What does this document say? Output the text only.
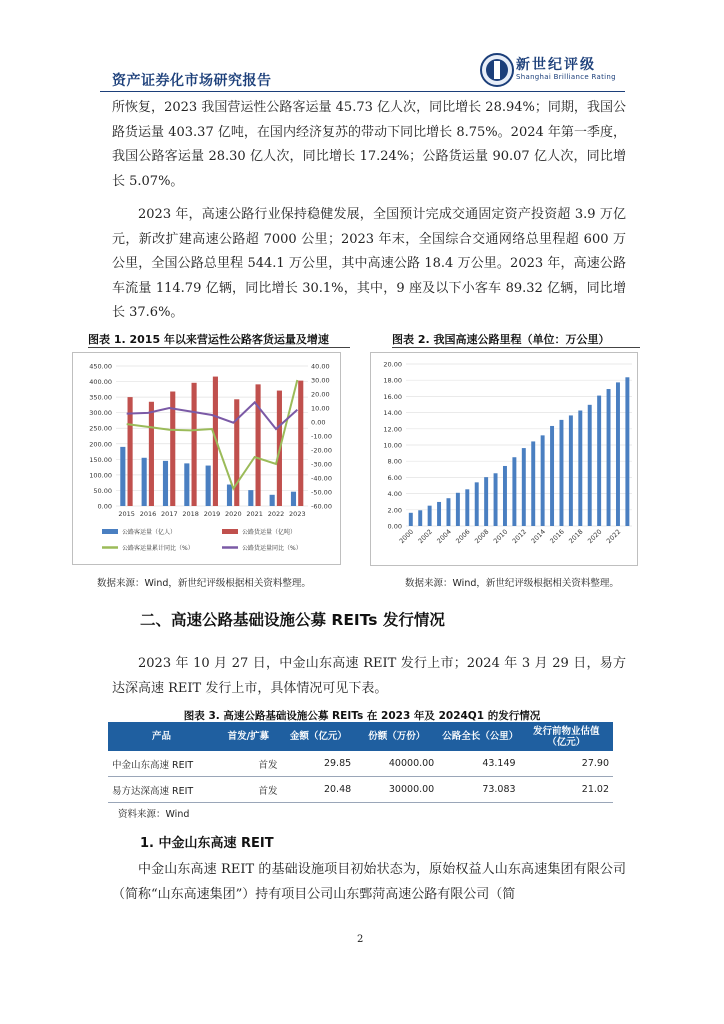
资产证券化市场研究报告
新世纪评级
Shanghai Brilliance Rating
所恢复，2023 我国营运性公路客运量 45.73 亿人次，同比增长 28.94%；同期，我国公路货运量 403.37 亿吨，在国内经济复苏的带动下同比增长 8.75%。2024 年第一季度，我国公路客运量 28.30 亿人次，同比增长 17.24%；公路货运量 90.07 亿人次，同比增长 5.07%。
2023 年，高速公路行业保持稳健发展，全国预计完成交通固定资产投资超 3.9 万亿元，新改扩建高速公路超 7000 公里；2023 年末，全国综合交通网络总里程超 600 万公里，全国公路总里程 544.1 万公里，其中高速公路 18.4 万公里。2023 年，高速公路车流量 114.79 亿辆，同比增长 30.1%，其中，9 座及以下小客车 89.32 亿辆，同比增长 37.6%。
图表 1. 2015 年以来营运性公路客货运量及增速
450.00
400.00
350.00
300.00
250.00
200.00
150.00
100.00
50.00
0.00
40.00
30.00
20.00
10.00
0.00
-10.00
-20.00
-30.00
-40.00
-50.00
-60.00
2015 2016 2017 2018 2019 2020 2021 2022 2023
公路客运量（亿人）	公路货运量（亿吨）
公路客运量累计同比（%）	公路货运量同比（%）
数据来源：Wind，新世纪评级根据相关资料整理。
图表 2. 我国高速公路里程（单位：万公里）
20.00
18.00
16.00
14.00
12.00
10.00
8.00
6.00
4.00
2.00
0.00
2000 2002 2004 2006 2008 2010 2012 2014 2016 2018 2020 2022
数据来源：Wind，新世纪评级根据相关资料整理。
二、高速公路基础设施公募 REITs 发行情况
2023 年 10 月 27 日，中金山东高速 REIT 发行上市；2024 年 3 月 29 日，易方达深高速 REIT 发行上市，具体情况可见下表。
图表 3. 高速公路基础设施公募 REITs 在 2023 年及 2024Q1 的发行情况
产品	首发/扩募	金额（亿元）	份额（万份）	公路全长（公里）	发行前物业估值（亿元）
中金山东高速 REIT	首发	29.85	40000.00	43.149	27.90
易方达深高速 REIT	首发	20.48	30000.00	73.083	21.02
资料来源：Wind
1. 中金山东高速 REIT
中金山东高速 REIT 的基础设施项目初始状态为，原始权益人山东高速集团有限公司（简称“山东高速集团”）持有项目公司山东鄄菏高速公路有限公司（简
2
